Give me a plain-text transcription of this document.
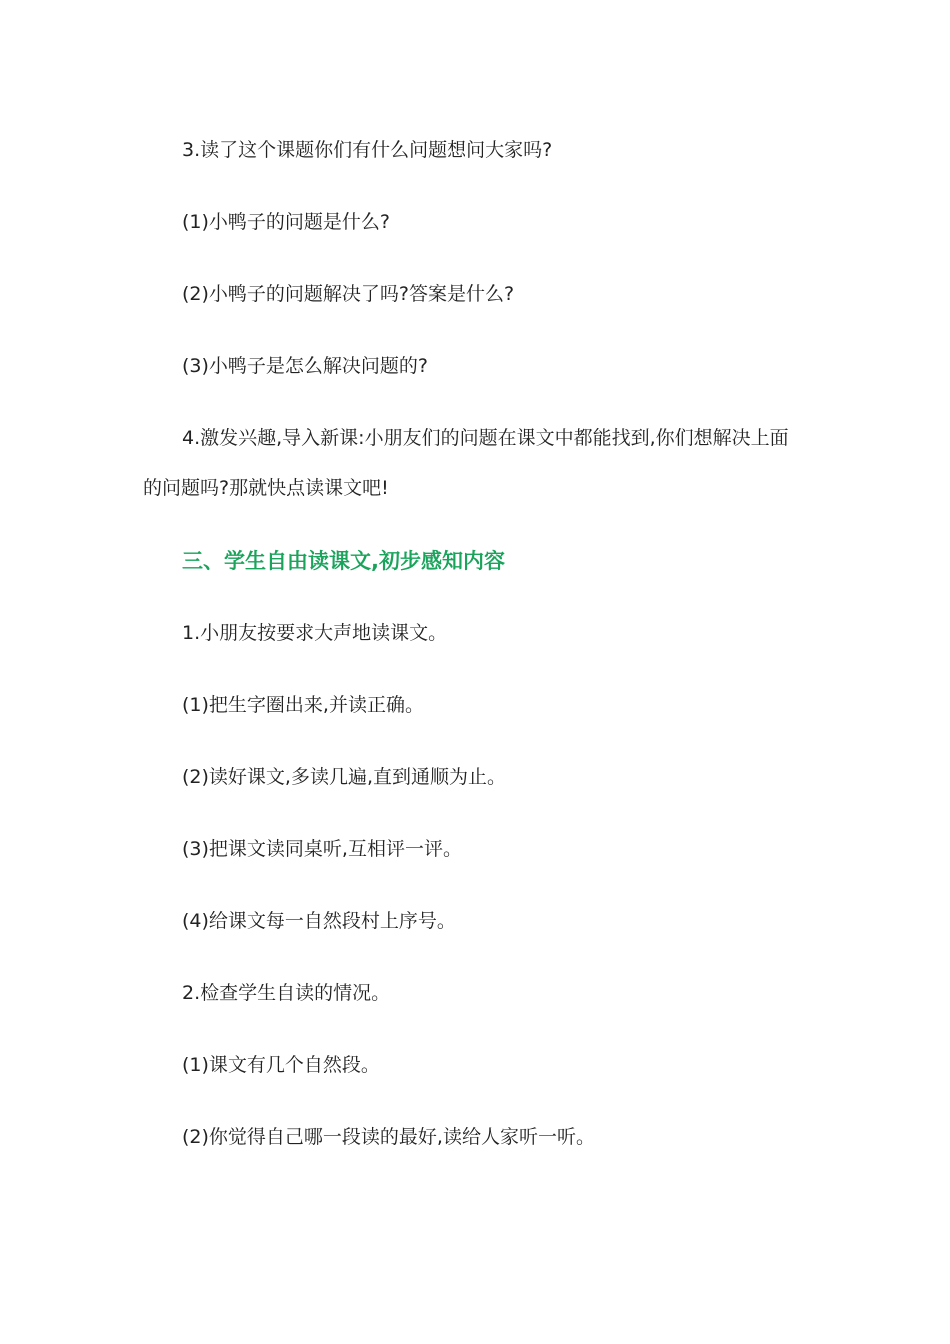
3.读了这个课题你们有什么问题想问大家吗?

(1)小鸭子的问题是什么?

(2)小鸭子的问题解决了吗?答案是什么?

(3)小鸭子是怎么解决问题的?

4.激发兴趣,导入新课:小朋友们的问题在课文中都能找到,你们想解决上面的问题吗?那就快点读课文吧!

三、学生自由读课文,初步感知内容

1.小朋友按要求大声地读课文。

(1)把生字圈出来,并读正确。

(2)读好课文,多读几遍,直到通顺为止。

(3)把课文读同桌听,互相评一评。

(4)给课文每一自然段村上序号。

2.检查学生自读的情况。

(1)课文有几个自然段。

(2)你觉得自己哪一段读的最好,读给人家听一听。
